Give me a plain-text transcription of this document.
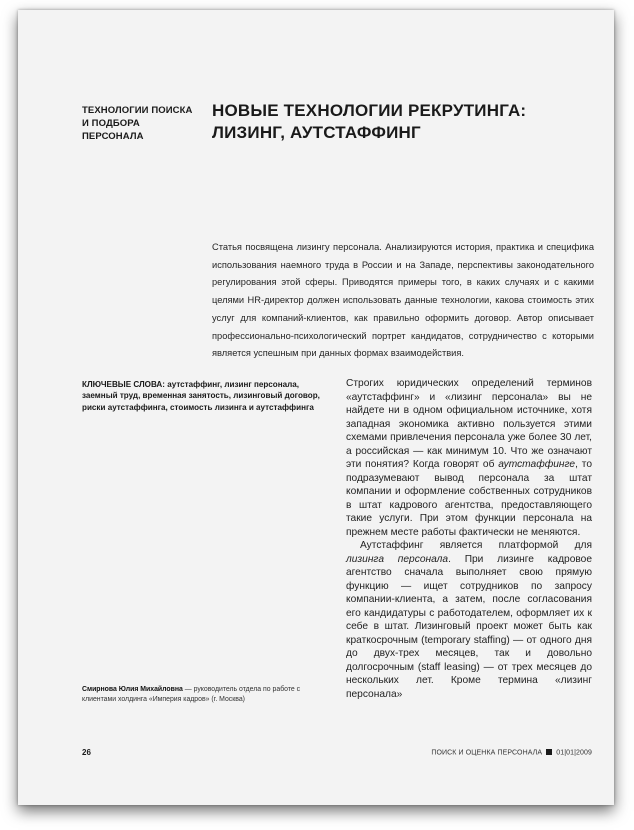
ТЕХНОЛОГИИ ПОИСКА И ПОДБОРА ПЕРСОНАЛА
НОВЫЕ ТЕХНОЛОГИИ РЕКРУТИНГА: ЛИЗИНГ, АУТСТАФФИНГ
Статья посвящена лизингу персонала. Анализируются история, практика и специфика использования наемного труда в России и на Западе, перспективы законодательного регулирования этой сферы. Приводятся примеры того, в каких случаях и с какими целями HR-директор должен использовать данные технологии, какова стоимость этих услуг для компаний-клиентов, как правильно оформить договор. Автор описывает профессионально-психологический портрет кандидатов, сотрудничество с которыми является успешным при данных формах взаимодействия.
КЛЮЧЕВЫЕ СЛОВА: аутстаффинг, лизинг персонала, заемный труд, временная занятость, лизинговый договор, риски аутстаффинга, стоимость лизинга и аутстаффинга

Строгих юридических определений терминов «аутстаффинг» и «лизинг персонала» вы не найдете ни в одном официальном источнике, хотя западная экономика активно пользуется этими схемами привлечения персонала уже более 30 лет, а российская — как минимум 10. Что же означают эти понятия? Когда говорят об аутстаффинге, то подразумевают вывод персонала за штат компании и оформление собственных сотрудников в штат кадрового агентства, предоставляющего такие услуги. При этом функции персонала на прежнем месте работы фактически не меняются.

Аутстаффинг является платформой для лизинга персонала. При лизинге кадровое агентство сначала выполняет свою прямую функцию — ищет сотрудников по запросу компании-клиента, а затем, после согласования его кандидатуры с работодателем, оформляет их к себе в штат. Лизинговый проект может быть как краткосрочным (temporary staffing) — от одного дня до двух-трех месяцев, так и довольно долгосрочным (staff leasing) — от трех месяцев до нескольких лет. Кроме термина «лизинг персонала»

Смирнова Юлия Михайловна — руководитель отдела по работе с клиентами холдинга «Империя кадров» (г. Москва)
26	ПОИСК И ОЦЕНКА ПЕРСОНАЛА 01|01|2009
